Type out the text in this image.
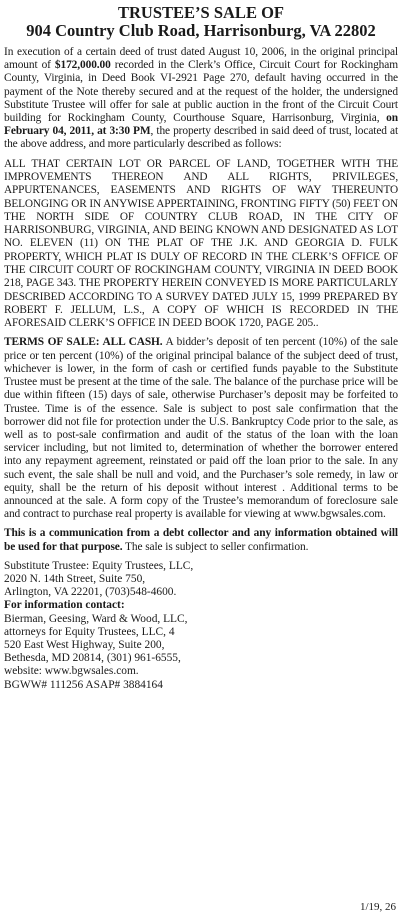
TRUSTEE’S SALE OF
904 Country Club Road, Harrisonburg, VA 22802

In execution of a certain deed of trust dated August 10, 2006, in the original principal amount of $172,000.00 recorded in the Clerk’s Office, Circuit Court for Rockingham County, Virginia, in Deed Book VI-2921 Page 270, default having occurred in the payment of the Note thereby secured and at the request of the holder, the undersigned Substitute Trustee will offer for sale at public auction in the front of the Circuit Court building for Rockingham County, Courthouse Square, Harrisonburg, Virginia, on February 04, 2011, at 3:30 PM, the property described in said deed of trust, located at the above address, and more particularly described as follows:

ALL THAT CERTAIN LOT OR PARCEL OF LAND, TOGETHER WITH THE IMPROVEMENTS THEREON AND ALL RIGHTS, PRIVILEGES, APPURTENANCES, EASEMENTS AND RIGHTS OF WAY THEREUNTO BELONGING OR IN ANYWISE APPERTAINING, FRONTING FIFTY (50) FEET ON THE NORTH SIDE OF COUNTRY CLUB ROAD, IN THE CITY OF HARRISONBURG, VIRGINIA, AND BEING KNOWN AND DESIGNATED AS LOT NO. ELEVEN (11) ON THE PLAT OF THE J.K. AND GEORGIA D. FULK PROPERTY, WHICH PLAT IS DULY OF RECORD IN THE CLERK’S OFFICE OF THE CIRCUIT COURT OF ROCKINGHAM COUNTY, VIRGINIA IN DEED BOOK 218, PAGE 343. THE PROPERTY HEREIN CONVEYED IS MORE PARTICULARLY DESCRIBED ACCORDING TO A SURVEY DATED JULY 15, 1999 PREPARED BY ROBERT F. JELLUM, L.S., A COPY OF WHICH IS RECORDED IN THE AFORESAID CLERK’S OFFICE IN DEED BOOK 1720, PAGE 205..

TERMS OF SALE: ALL CASH. A bidder’s deposit of ten percent (10%) of the sale price or ten percent (10%) of the original principal balance of the subject deed of trust, whichever is lower, in the form of cash or certified funds payable to the Substitute Trustee must be present at the time of the sale. The balance of the purchase price will be due within fifteen (15) days of sale, otherwise Purchaser’s deposit may be forfeited to Trustee. Time is of the essence. Sale is subject to post sale confirmation that the borrower did not file for protection under the U.S. Bankruptcy Code prior to the sale, as well as to post-sale confirmation and audit of the status of the loan with the loan servicer including, but not limited to, determination of whether the borrower entered into any repayment agreement, reinstated or paid off the loan prior to the sale. In any such event, the sale shall be null and void, and the Purchaser’s sole remedy, in law or equity, shall be the return of his deposit without interest . Additional terms to be announced at the sale. A form copy of the Trustee’s memorandum of foreclosure sale and contract to purchase real property is available for viewing at www.bgwsales.com.

This is a communication from a debt collector and any information obtained will be used for that purpose. The sale is subject to seller confirmation.

Substitute Trustee: Equity Trustees, LLC,
2020 N. 14th Street, Suite 750,
Arlington, VA 22201, (703)548-4600.
For information contact:
Bierman, Geesing, Ward & Wood, LLC,
attorneys for Equity Trustees, LLC, 4
520 East West Highway, Suite 200,
Bethesda, MD 20814, (301) 961-6555,
website: www.bgwsales.com.
BGWW# 111256 ASAP# 3884164
1/19, 26
